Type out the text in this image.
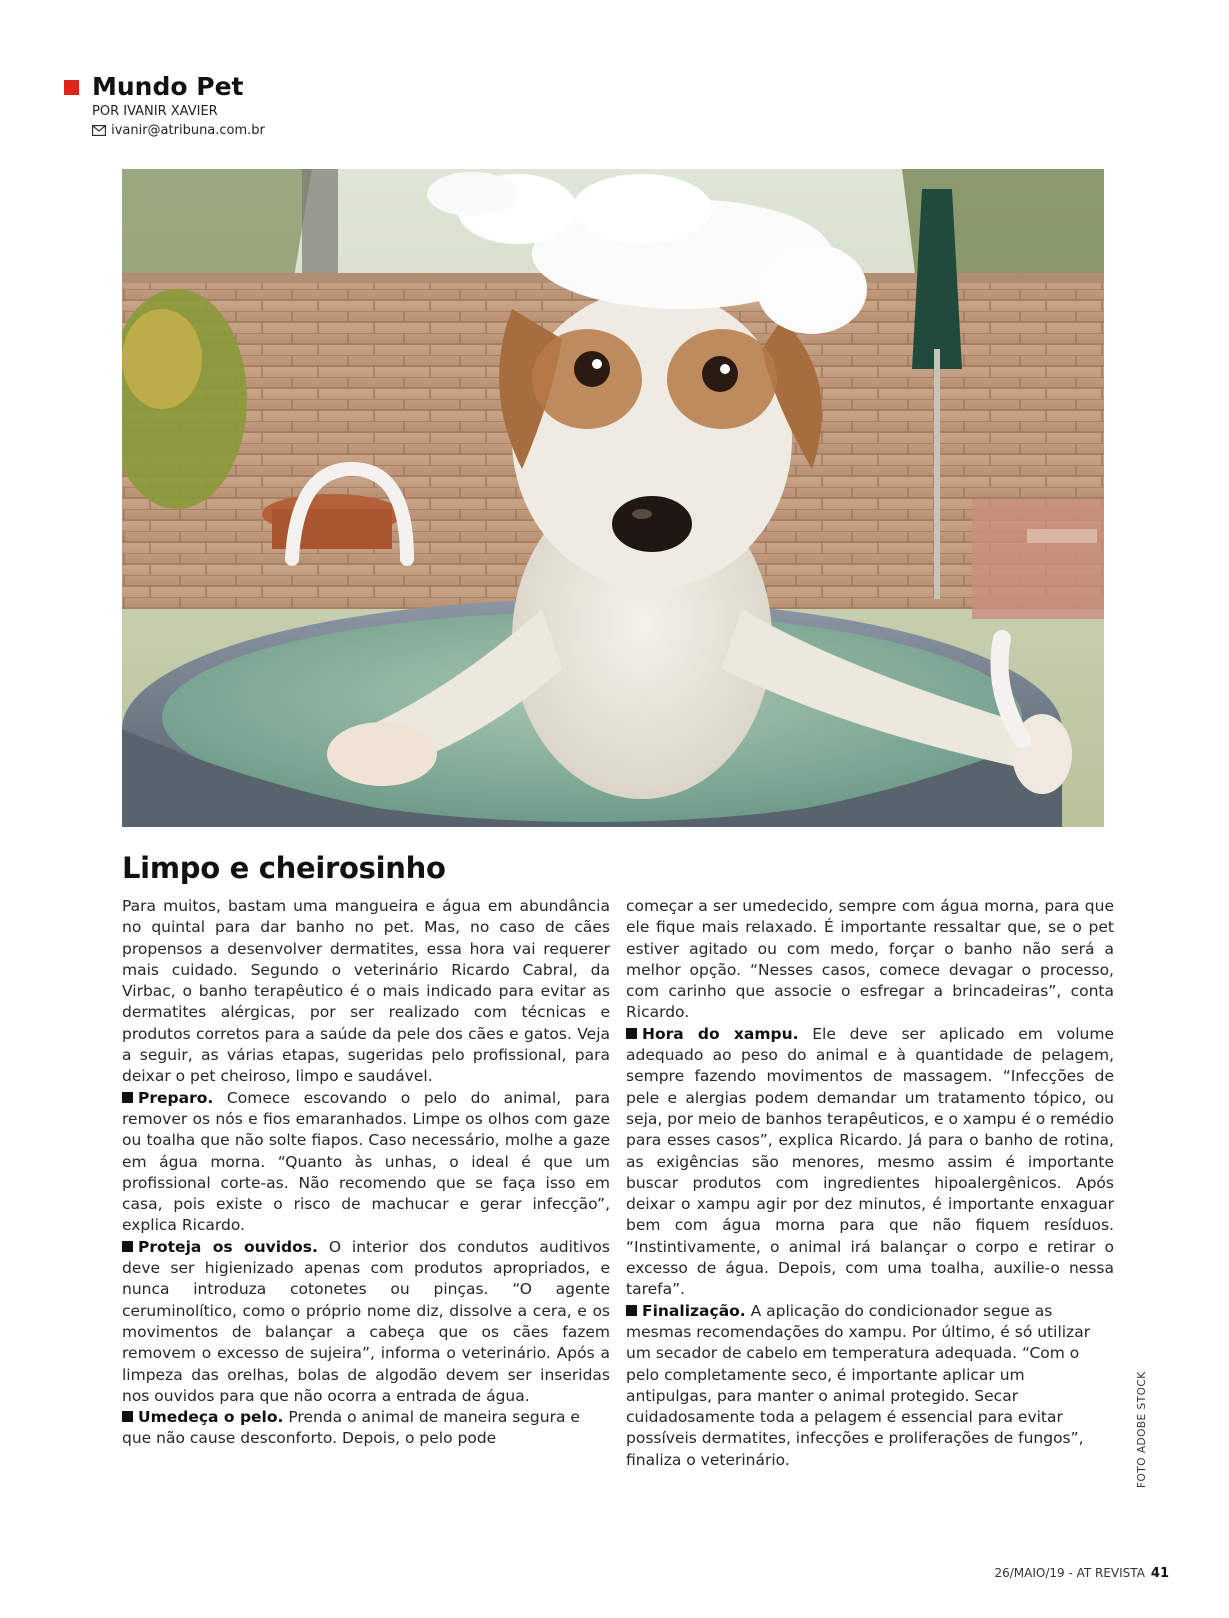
Mundo Pet
POR IVANIR XAVIER
ivanir@atribuna.com.br
Limpo e cheirosinho

Para muitos, bastam uma mangueira e água em abundância no quintal para dar banho no pet. Mas, no caso de cães propensos a desenvolver dermatites, essa hora vai requerer mais cuidado. Segundo o veterinário Ricardo Cabral, da Virbac, o banho terapêutico é o mais indicado para evitar as dermatites alérgicas, por ser realizado com técnicas e produtos corretos para a saúde da pele dos cães e gatos. Veja a seguir, as várias etapas, sugeridas pelo profissional, para deixar o pet cheiroso, limpo e saudável.

Preparo. Comece escovando o pelo do animal, para remover os nós e fios emaranhados. Limpe os olhos com gaze ou toalha que não solte fiapos. Caso necessário, molhe a gaze em água morna. “Quanto às unhas, o ideal é que um profissional corte-as. Não recomendo que se faça isso em casa, pois existe o risco de machucar e gerar infecção”, explica Ricardo.

Proteja os ouvidos. O interior dos condutos auditivos deve ser higienizado apenas com produtos apropriados, e nunca introduza cotonetes ou pinças. “O agente ceruminolítico, como o próprio nome diz, dissolve a cera, e os movimentos de balançar a cabeça que os cães fazem removem o excesso de sujeira”, informa o veterinário. Após a limpeza das orelhas, bolas de algodão devem ser inseridas nos ouvidos para que não ocorra a entrada de água.

Umedeça o pelo. Prenda o animal de maneira segura e que não cause desconforto. Depois, o pelo pode

começar a ser umedecido, sempre com água morna, para que ele fique mais relaxado. É importante ressaltar que, se o pet estiver agitado ou com medo, forçar o banho não será a melhor opção. “Nesses casos, comece devagar o processo, com carinho que associe o esfregar a brincadeiras”, conta Ricardo.

Hora do xampu. Ele deve ser aplicado em volume adequado ao peso do animal e à quantidade de pelagem, sempre fazendo movimentos de massagem. “Infecções de pele e alergias podem demandar um tratamento tópico, ou seja, por meio de banhos terapêuticos, e o xampu é o remédio para esses casos”, explica Ricardo. Já para o banho de rotina, as exigências são menores, mesmo assim é importante buscar produtos com ingredientes hipoalergênicos. Após deixar o xampu agir por dez minutos, é importante enxaguar bem com água morna para que não fiquem resíduos. “Instintivamente, o animal irá balançar o corpo e retirar o excesso de água. Depois, com uma toalha, auxilie-o nessa tarefa”.

Finalização. A aplicação do condicionador segue as mesmas recomendações do xampu. Por último, é só utilizar um secador de cabelo em temperatura adequada. “Com o pelo completamente seco, é importante aplicar um antipulgas, para manter o animal protegido. Secar cuidadosamente toda a pelagem é essencial para evitar possíveis dermatites, infecções e proliferações de fungos”, finaliza o veterinário.	FOTO ADOBE STOCK
26/MAIO/19 - AT REVISTA 41
